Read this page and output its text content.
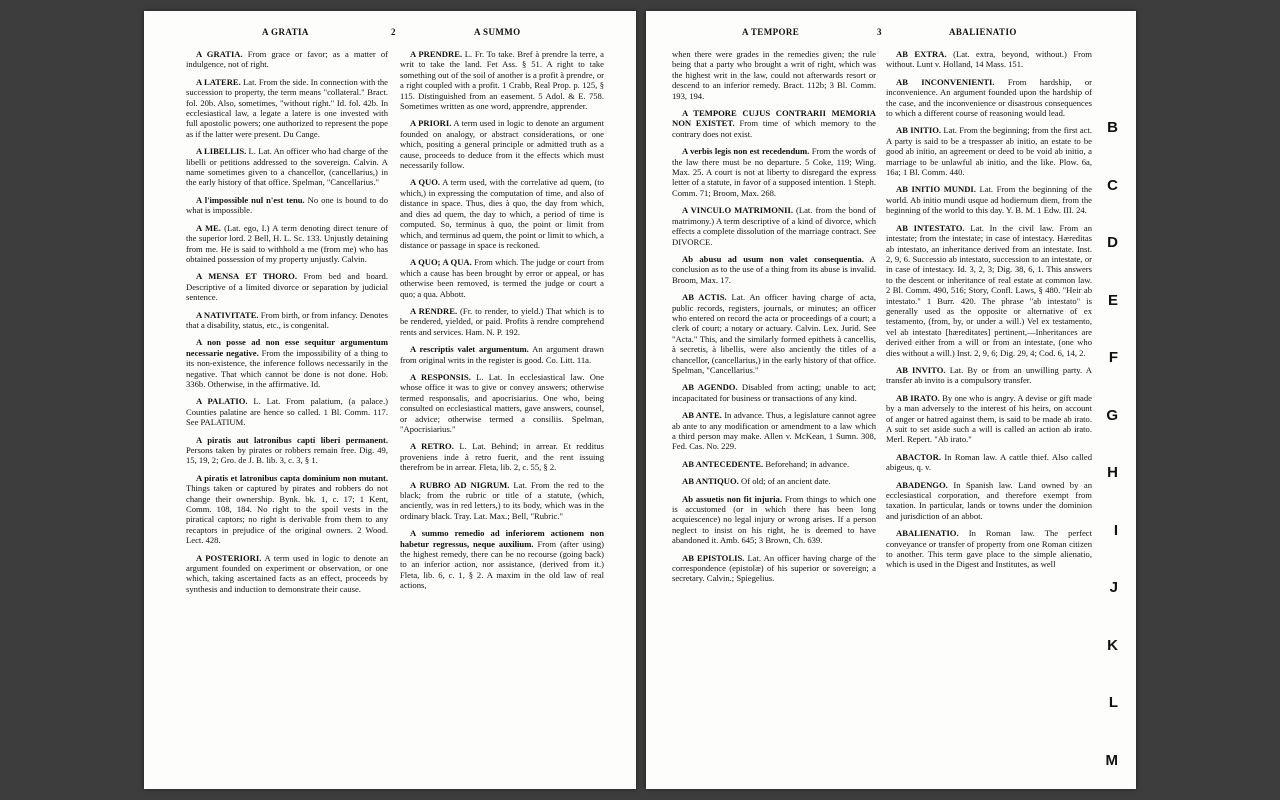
A GRATIA	2	A SUMMO

A GRATIA. From grace or favor; as a matter of indulgence, not of right.

A LATERE. Lat. From the side. In connection with the succession to property, the term means "collateral." Bract. fol. 20b. Also, sometimes, "without right." Id. fol. 42b. In ecclesiastical law, a legate a latere is one invested with full apostolic powers; one authorized to represent the pope as if the latter were present. Du Cange.

A LIBELLIS. L. Lat. An officer who had charge of the libelli or petitions addressed to the sovereign. Calvin. A name sometimes given to a chancellor, (cancellarius,) in the early history of that office. Spelman, "Cancellarius."

A l'impossible nul n'est tenu. No one is bound to do what is impossible.

A ME. (Lat. ego, I.) A term denoting direct tenure of the superior lord. 2 Bell, H. L. Sc. 133. Unjustly detaining from me. He is said to withhold a me (from me) who has obtained possession of my property unjustly. Calvin.

A MENSA ET THORO. From bed and board. Descriptive of a limited divorce or separation by judicial sentence.

A NATIVITATE. From birth, or from infancy. Denotes that a disability, status, etc., is congenital.

A non posse ad non esse sequitur argumentum necessarie negative. From the impossibility of a thing to its non-existence, the inference follows necessarily in the negative. That which cannot be done is not done. Hob. 336b. Otherwise, in the affirmative. Id.

A PALATIO. L. Lat. From palatium, (a palace.) Counties palatine are hence so called. 1 Bl. Comm. 117. See PALATIUM.

A piratis aut latronibus capti liberi permanent. Persons taken by pirates or robbers remain free. Dig. 49, 15, 19, 2; Gro. de J. B. lib. 3, c. 3, § 1.

A piratis et latronibus capta dominium non mutant. Things taken or captured by pirates and robbers do not change their ownership. Bynk. bk. 1, c. 17; 1 Kent, Comm. 108, 184. No right to the spoil vests in the piratical captors; no right is derivable from them to any recaptors in prejudice of the original owners. 2 Wood. Lect. 428.

A POSTERIORI. A term used in logic to denote an argument founded on experiment or observation, or one which, taking ascertained facts as an effect, proceeds by synthesis and induction to demonstrate their cause.

A PRENDRE. L. Fr. To take. Bref à prendre la terre, a writ to take the land. Fet Ass. § 51. A right to take something out of the soil of another is a profit à prendre, or a right coupled with a profit. 1 Crabb, Real Prop. p. 125, § 115. Distinguished from an easement. 5 Adol. & E. 758. Sometimes written as one word, apprendre, apprender.

A PRIORI. A term used in logic to denote an argument founded on analogy, or abstract considerations, or one which, positing a general principle or admitted truth as a cause, proceeds to deduce from it the effects which must necessarily follow.

A QUO. A term used, with the correlative ad quem, (to which,) in expressing the computation of time, and also of distance in space. Thus, dies à quo, the day from which, and dies ad quem, the day to which, a period of time is computed. So, terminus à quo, the point or limit from which, and terminus ad quem, the point or limit to which, a distance or passage in space is reckoned.

A QUO; A QUA. From which. The judge or court from which a cause has been brought by error or appeal, or has otherwise been removed, is termed the judge or court a quo; a qua. Abbott.

A RENDRE. (Fr. to render, to yield.) That which is to be rendered, yielded, or paid. Profits à rendre comprehend rents and services. Ham. N. P. 192.

A rescriptis valet argumentum. An argument drawn from original writs in the register is good. Co. Litt. 11a.

A RESPONSIS. L. Lat. In ecclesiastical law. One whose office it was to give or convey answers; otherwise termed responsalis, and apocrisiarius. One who, being consulted on ecclesiastical matters, gave answers, counsel, or advice; otherwise termed a consiliis. Spelman, "Apocrisiarius."

A RETRO. L. Lat. Behind; in arrear. Et redditus proveniens inde à retro fuerit, and the rent issuing therefrom be in arrear. Fleta, lib. 2, c. 55, § 2.

A RUBRO AD NIGRUM. Lat. From the red to the black; from the rubric or title of a statute, (which, anciently, was in red letters,) to its body, which was in the ordinary black. Tray. Lat. Max.; Bell, "Rubric."

A summo remedio ad inferiorem actionem non habetur regressus, neque auxilium. From (after using) the highest remedy, there can be no recourse (going back) to an inferior action, nor assistance, (derived from it.) Fleta, lib. 6, c. 1, § 2. A maxim in the old law of real actions,

A TEMPORE	3	ABALIENATIO

when there were grades in the remedies given; the rule being that a party who brought a writ of right, which was the highest writ in the law, could not afterwards resort or descend to an inferior remedy. Bract. 112b; 3 Bl. Comm. 193, 194.

A TEMPORE CUJUS CONTRARII MEMORIA NON EXISTET. From time of which memory to the contrary does not exist.

A verbis legis non est recedendum. From the words of the law there must be no departure. 5 Coke, 119; Wing. Max. 25. A court is not at liberty to disregard the express letter of a statute, in favor of a supposed intention. 1 Steph. Comm. 71; Broom, Max. 268.

A VINCULO MATRIMONII. (Lat. from the bond of matrimony.) A term descriptive of a kind of divorce, which effects a complete dissolution of the marriage contract. See DIVORCE.

Ab abusu ad usum non valet consequentia. A conclusion as to the use of a thing from its abuse is invalid. Broom, Max. 17.

AB ACTIS. Lat. An officer having charge of acta, public records, registers, journals, or minutes; an officer who entered on record the acta or proceedings of a court; a clerk of court; a notary or actuary. Calvin. Lex. Jurid. See "Acta." This, and the similarly formed epithets à cancellis, à secretis, à libellis, were also anciently the titles of a chancellor, (cancellarius,) in the early history of that office. Spelman, "Cancellarius."

AB AGENDO. Disabled from acting; unable to act; incapacitated for business or transactions of any kind.

AB ANTE. In advance. Thus, a legislature cannot agree ab ante to any modification or amendment to a law which a third person may make. Allen v. McKean, 1 Sumn. 308, Fed. Cas. No. 229.

AB ANTECEDENTE. Beforehand; in advance.

AB ANTIQUO. Of old; of an ancient date.

Ab assuetis non fit injuria. From things to which one is accustomed (or in which there has been long acquiescence) no legal injury or wrong arises. If a person neglect to insist on his right, he is deemed to have abandoned it. Amb. 645; 3 Brown, Ch. 639.

AB EPISTOLIS. Lat. An officer having charge of the correspondence (epistolæ) of his superior or sovereign; a secretary. Calvin.; Spiegelius.

AB EXTRA. (Lat. extra, beyond, without.) From without. Lunt v. Holland, 14 Mass. 151.

AB INCONVENIENTI. From hardship, or inconvenience. An argument founded upon the hardship of the case, and the inconvenience or disastrous consequences to which a different course of reasoning would lead.

AB INITIO. Lat. From the beginning; from the first act. A party is said to be a trespasser ab initio, an estate to be good ab initio, an agreement or deed to be void ab initio, a marriage to be unlawful ab initio, and the like. Plow. 6a, 16a; 1 Bl. Comm. 440.

AB INITIO MUNDI. Lat. From the beginning of the world. Ab initio mundi usque ad hodiernum diem, from the beginning of the world to this day. Y. B. M. 1 Edw. III. 24.

AB INTESTATO. Lat. In the civil law. From an intestate; from the intestate; in case of intestacy. Hæreditas ab intestato, an inheritance derived from an intestate. Inst. 2, 9, 6. Successio ab intestato, succession to an intestate, or in case of intestacy. Id. 3, 2, 3; Dig. 38, 6, 1. This answers to the descent or inheritance of real estate at common law. 2 Bl. Comm. 490, 516; Story, Confl. Laws, § 480. "Heir ab intestato." 1 Burr. 420. The phrase "ab intestato" is generally used as the opposite or alternative of ex testamento, (from, by, or under a will.) Vel ex testamento, vel ab intestato [hæreditates] pertinent,—Inheritances are derived either from a will or from an intestate, (one who dies without a will.) Inst. 2, 9, 6; Dig. 29, 4; Cod. 6, 14, 2.

AB INVITO. Lat. By or from an unwilling party. A transfer ab invito is a compulsory transfer.

AB IRATO. By one who is angry. A devise or gift made by a man adversely to the interest of his heirs, on account of anger or hatred against them, is said to be made ab irato. A suit to set aside such a will is called an action ab irato. Merl. Repert. "Ab irato."

ABACTOR. In Roman law. A cattle thief. Also called abigeus, q. v.

ABADENGO. In Spanish law. Land owned by an ecclesiastical corporation, and therefore exempt from taxation. In particular, lands or towns under the dominion and jurisdiction of an abbot.

ABALIENATIO. In Roman law. The perfect conveyance or transfer of property from one Roman citizen to another. This term gave place to the simple alienatio, which is used in the Digest and Institutes, as well

B
C
D
E
F
G
H
I
J
K
L
M
